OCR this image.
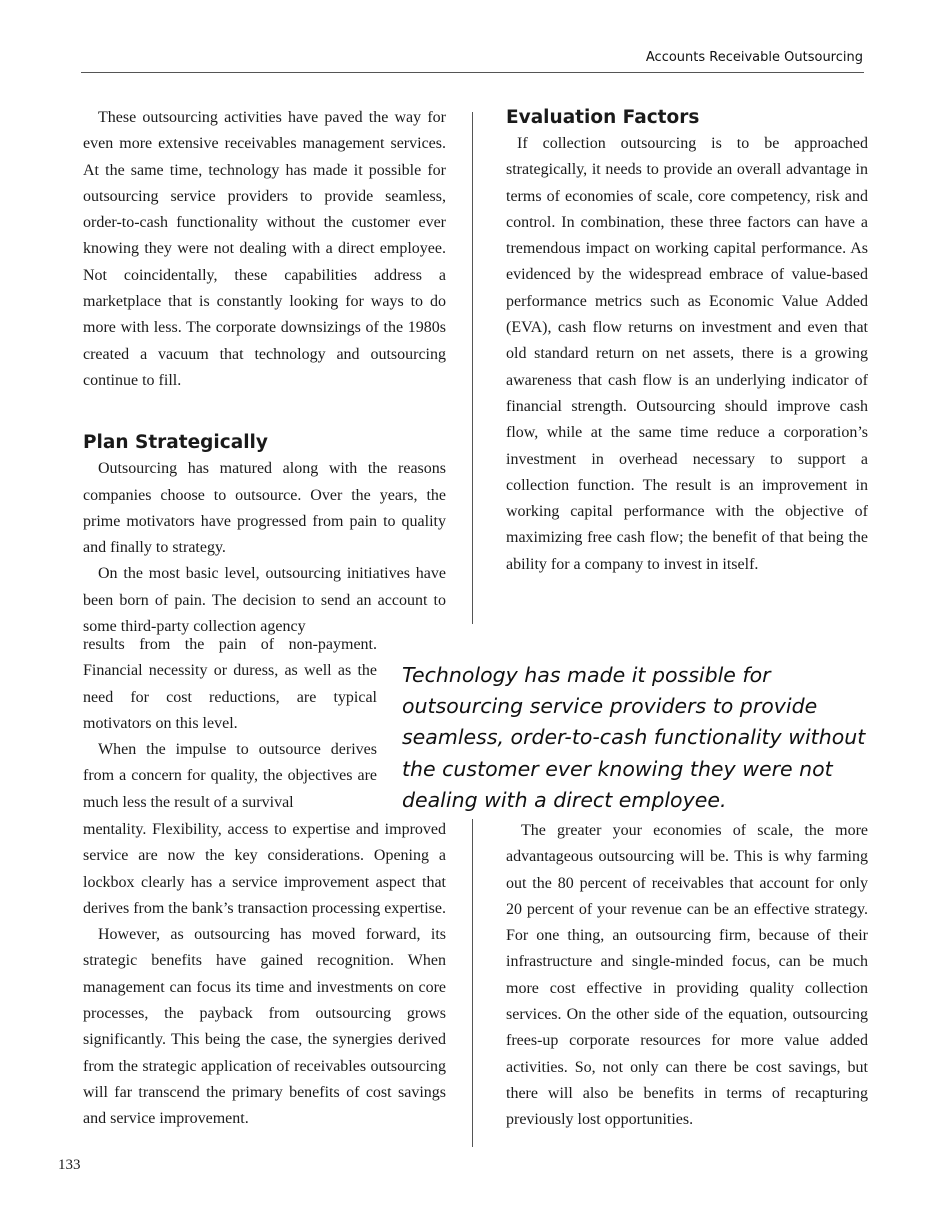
Accounts Receivable Outsourcing

These outsourcing activities have paved the way for even more extensive receivables management services. At the same time, technology has made it possible for outsourcing service providers to provide seamless, order-to-cash functionality without the customer ever knowing they were not dealing with a direct employee. Not coincidentally, these capabilities address a marketplace that is constantly looking for ways to do more with less. The corporate downsizings of the 1980s created a vacuum that technology and outsourcing continue to fill.

Plan Strategically

Outsourcing has matured along with the reasons companies choose to outsource. Over the years, the prime motivators have progressed from pain to quality and finally to strategy.

On the most basic level, outsourcing initiatives have been born of pain. The decision to send an account to some third-party collection agency

results from the pain of non-payment. Financial necessity or duress, as well as the need for cost reductions, are typical motivators on this level.

When the impulse to outsource derives from a concern for quality, the objectives are much less the result of a survival

mentality. Flexibility, access to expertise and improved service are now the key considerations. Opening a lockbox clearly has a service improvement aspect that derives from the bank’s transaction processing expertise.

However, as outsourcing has moved forward, its strategic benefits have gained recognition. When management can focus its time and investments on core processes, the payback from outsourcing grows significantly. This being the case, the synergies derived from the strategic application of receivables outsourcing will far transcend the primary benefits of cost savings and service improvement.

Evaluation Factors

If collection outsourcing is to be approached strategically, it needs to provide an overall advantage in terms of economies of scale, core competency, risk and control. In combination, these three factors can have a tremendous impact on working capital performance. As evidenced by the widespread embrace of value-based performance metrics such as Economic Value Added (EVA), cash flow returns on investment and even that old standard return on net assets, there is a growing awareness that cash flow is an underlying indicator of financial strength. Outsourcing should improve cash flow, while at the same time reduce a corporation’s investment in overhead necessary to support a collection function. The result is an improvement in working capital performance with the objective of maximizing free cash flow; the benefit of that being the ability for a company to invest in itself.

Technology has made it possible for outsourcing service providers to provide seamless, order-to-cash functionality without the customer ever knowing they were not dealing with a direct employee.

The greater your economies of scale, the more advantageous outsourcing will be. This is why farming out the 80 percent of receivables that account for only 20 percent of your revenue can be an effective strategy. For one thing, an outsourcing firm, because of their infrastructure and single-minded focus, can be much more cost effective in providing quality collection services. On the other side of the equation, outsourcing frees-up corporate resources for more value added activities. So, not only can there be cost savings, but there will also be benefits in terms of recapturing previously lost opportunities.

133
